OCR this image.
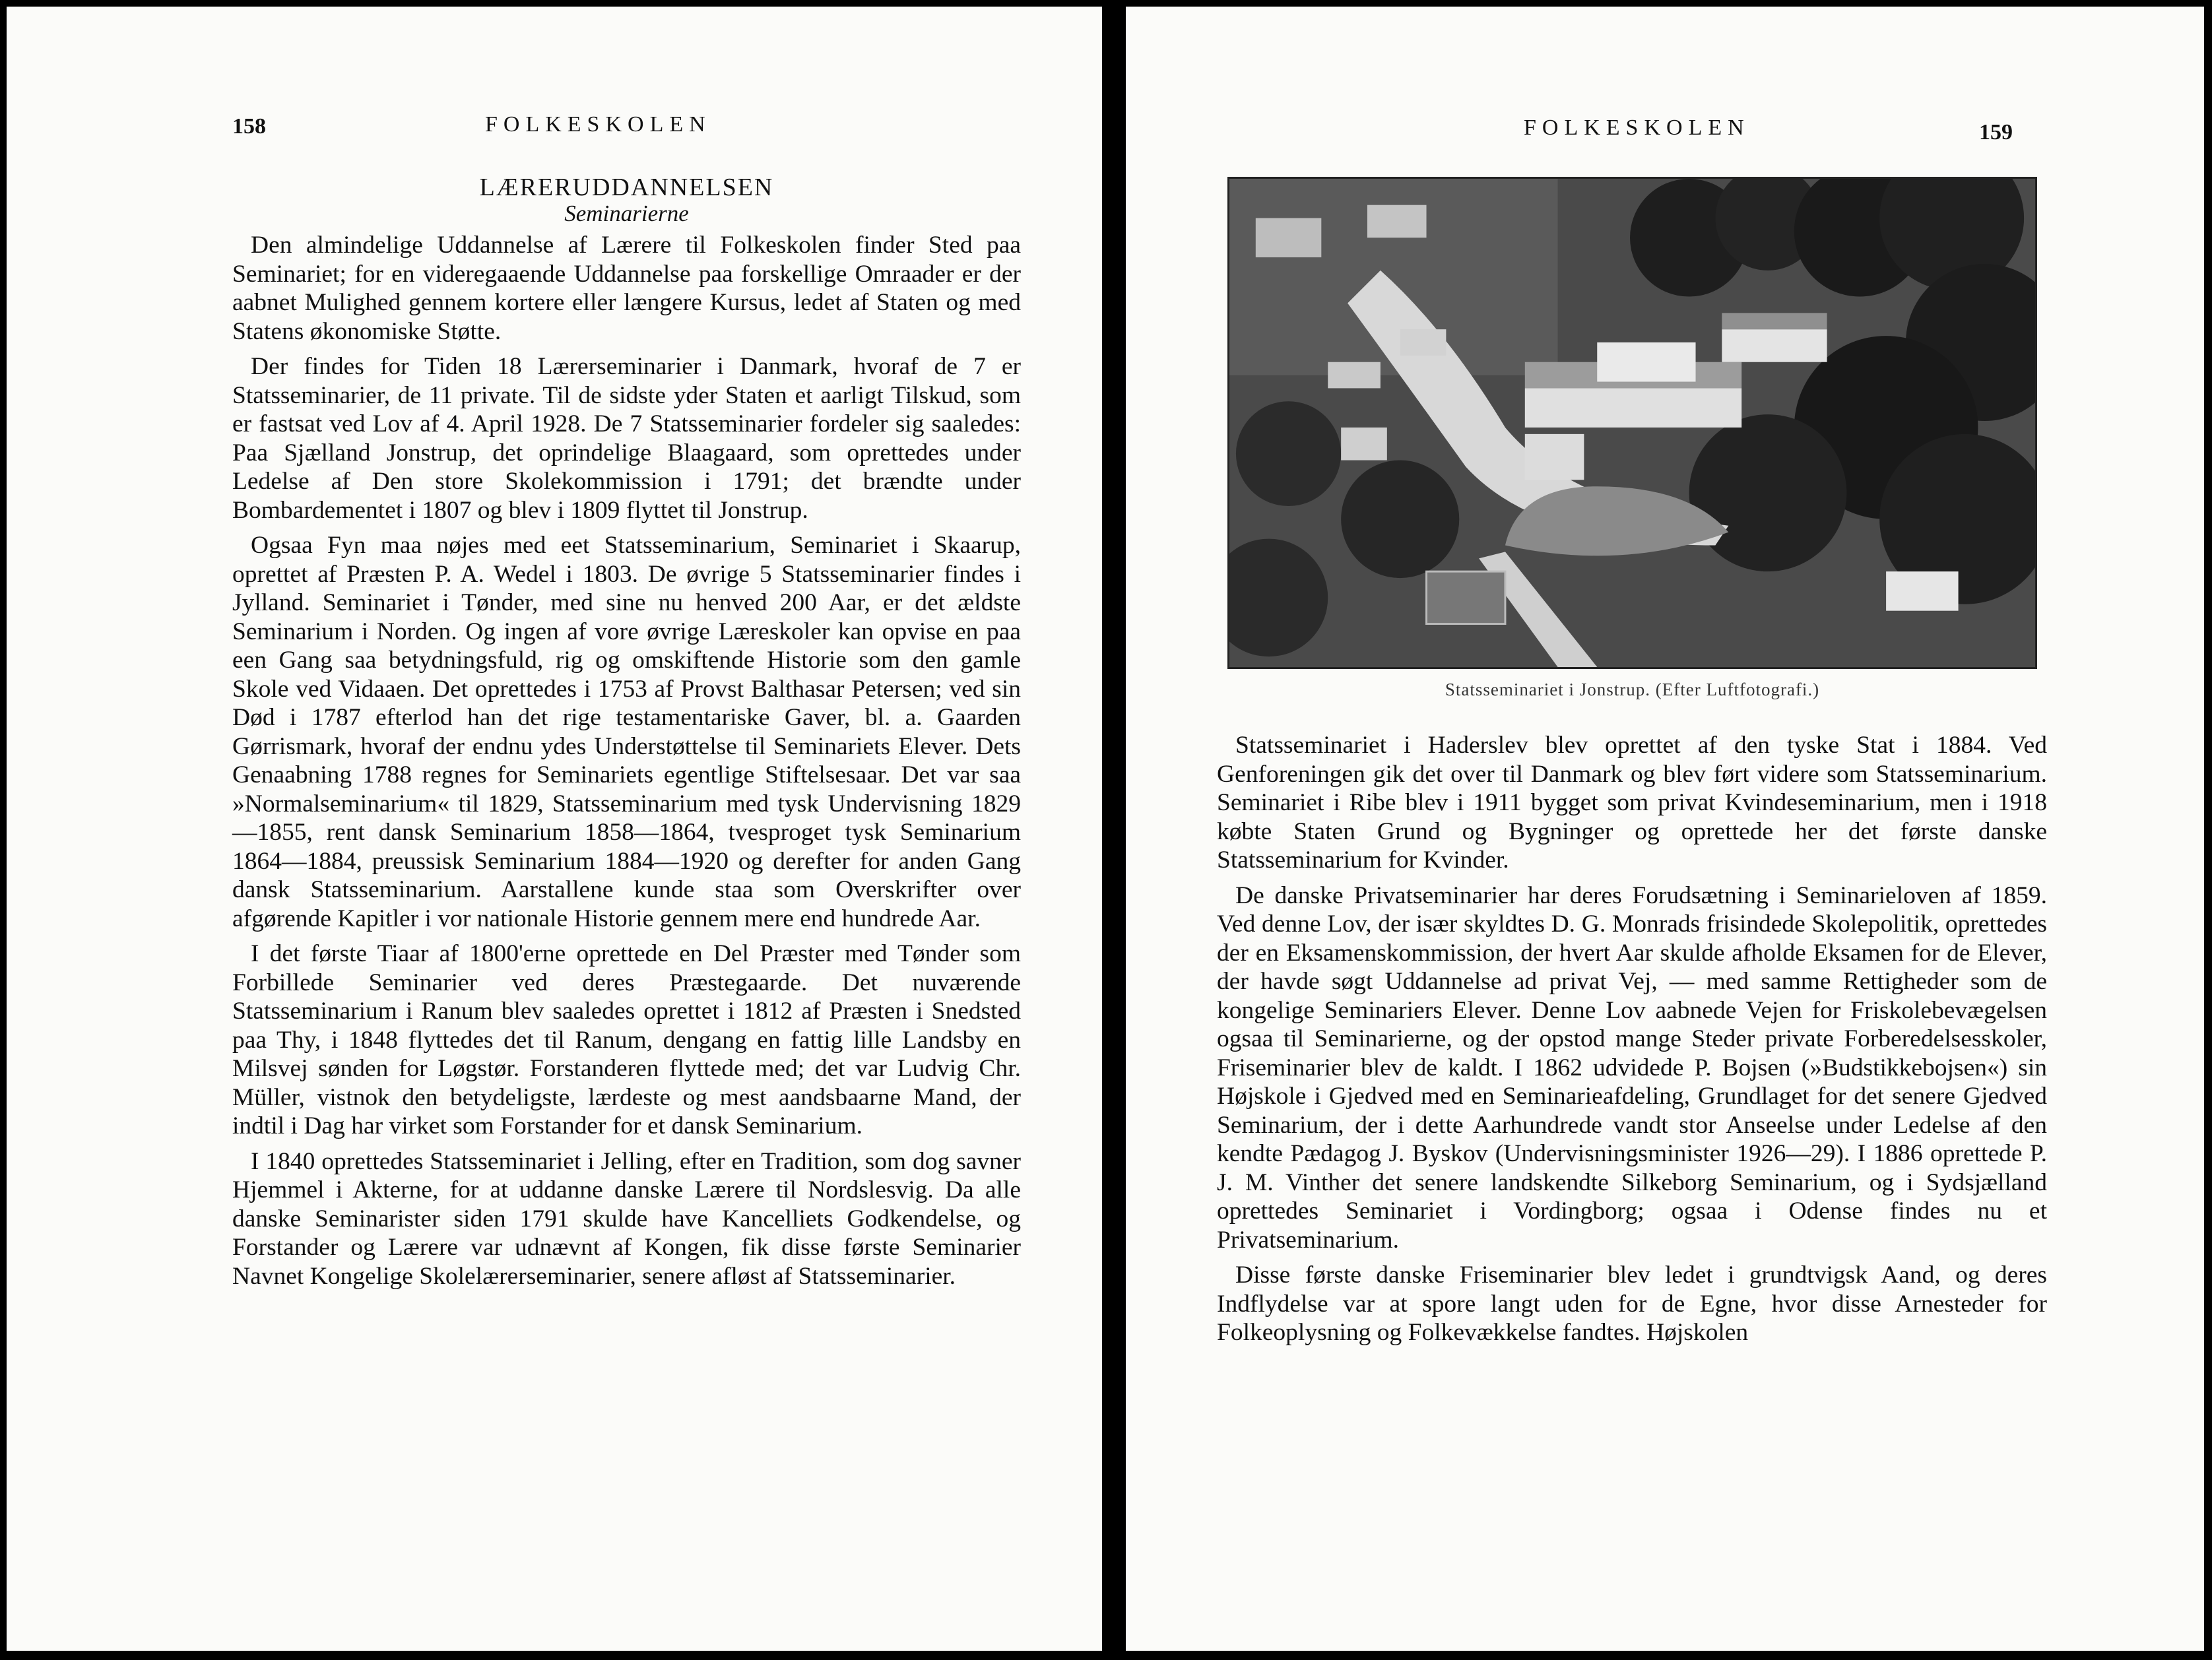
158	FOLKESKOLEN
LÆRERUDDANNELSEN
Seminarierne

Den almindelige Uddannelse af Lærere til Folkeskolen finder Sted paa Seminariet; for en videregaaende Uddannelse paa forskellige Omraader er der aabnet Mulighed gennem kortere eller længere Kursus, ledet af Staten og med Statens økonomiske Støtte.

Der findes for Tiden 18 Lærerseminarier i Danmark, hvoraf de 7 er Statsseminarier, de 11 private. Til de sidste yder Staten et aarligt Tilskud, som er fastsat ved Lov af 4. April 1928. De 7 Statsseminarier fordeler sig saaledes: Paa Sjælland Jonstrup, det oprindelige Blaagaard, som oprettedes under Ledelse af Den store Skolekommission i 1791; det brændte under Bombardementet i 1807 og blev i 1809 flyttet til Jonstrup.

Ogsaa Fyn maa nøjes med eet Statsseminarium, Seminariet i Skaarup, oprettet af Præsten P. A. Wedel i 1803. De øvrige 5 Statsseminarier findes i Jylland. Seminariet i Tønder, med sine nu henved 200 Aar, er det ældste Seminarium i Norden. Og ingen af vore øvrige Læreskoler kan opvise en paa een Gang saa betydningsfuld, rig og omskiftende Historie som den gamle Skole ved Vidaaen. Det oprettedes i 1753 af Provst Balthasar Petersen; ved sin Død i 1787 efterlod han det rige testamentariske Gaver, bl. a. Gaarden Gørrismark, hvoraf der endnu ydes Understøttelse til Seminariets Elever. Dets Genaabning 1788 regnes for Seminariets egentlige Stiftelsesaar. Det var saa »Normalseminarium« til 1829, Statsseminarium med tysk Undervisning 1829—1855, rent dansk Seminarium 1858—1864, tvesproget tysk Seminarium 1864—1884, preussisk Seminarium 1884—1920 og derefter for anden Gang dansk Statsseminarium. Aarstallene kunde staa som Overskrifter over afgørende Kapitler i vor nationale Historie gennem mere end hundrede Aar.

I det første Tiaar af 1800'erne oprettede en Del Præster med Tønder som Forbillede Seminarier ved deres Præstegaarde. Det nuværende Statsseminarium i Ranum blev saaledes oprettet i 1812 af Præsten i Snedsted paa Thy, i 1848 flyttedes det til Ranum, dengang en fattig lille Landsby en Milsvej sønden for Løgstør. Forstanderen flyttede med; det var Ludvig Chr. Müller, vistnok den betydeligste, lærdeste og mest aandsbaarne Mand, der indtil i Dag har virket som Forstander for et dansk Seminarium.

I 1840 oprettedes Statsseminariet i Jelling, efter en Tradition, som dog savner Hjemmel i Akterne, for at uddanne danske Lærere til Nordslesvig. Da alle danske Seminarister siden 1791 skulde have Kancelliets Godkendelse, og Forstander og Lærere var udnævnt af Kongen, fik disse første Seminarier Navnet Kongelige Skolelærerseminarier, senere afløst af Statsseminarier.

FOLKESKOLEN	159
Statsseminariet i Jonstrup. (Efter Luftfotografi.)

Statsseminariet i Haderslev blev oprettet af den tyske Stat i 1884. Ved Genforeningen gik det over til Danmark og blev ført videre som Statsseminarium. Seminariet i Ribe blev i 1911 bygget som privat Kvindeseminarium, men i 1918 købte Staten Grund og Bygninger og oprettede her det første danske Statsseminarium for Kvinder.

De danske Privatseminarier har deres Forudsætning i Seminarieloven af 1859. Ved denne Lov, der især skyldtes D. G. Monrads frisindede Skolepolitik, oprettedes der en Eksamenskommission, der hvert Aar skulde afholde Eksamen for de Elever, der havde søgt Uddannelse ad privat Vej, — med samme Rettigheder som de kongelige Seminariers Elever. Denne Lov aabnede Vejen for Friskolebevægelsen ogsaa til Seminarierne, og der opstod mange Steder private Forberedelsesskoler, Friseminarier blev de kaldt. I 1862 udvidede P. Bojsen (»Budstikkebojsen«) sin Højskole i Gjedved med en Seminarieafdeling, Grundlaget for det senere Gjedved Seminarium, der i dette Aarhundrede vandt stor Anseelse under Ledelse af den kendte Pædagog J. Byskov (Undervisningsminister 1926—29). I 1886 oprettede P. J. M. Vinther det senere landskendte Silkeborg Seminarium, og i Sydsjælland oprettedes Seminariet i Vordingborg; ogsaa i Odense findes nu et Privatseminarium.

Disse første danske Friseminarier blev ledet i grundtvigsk Aand, og deres Indflydelse var at spore langt uden for de Egne, hvor disse Arnesteder for Folkeoplysning og Folkevækkelse fandtes. Højskolen
